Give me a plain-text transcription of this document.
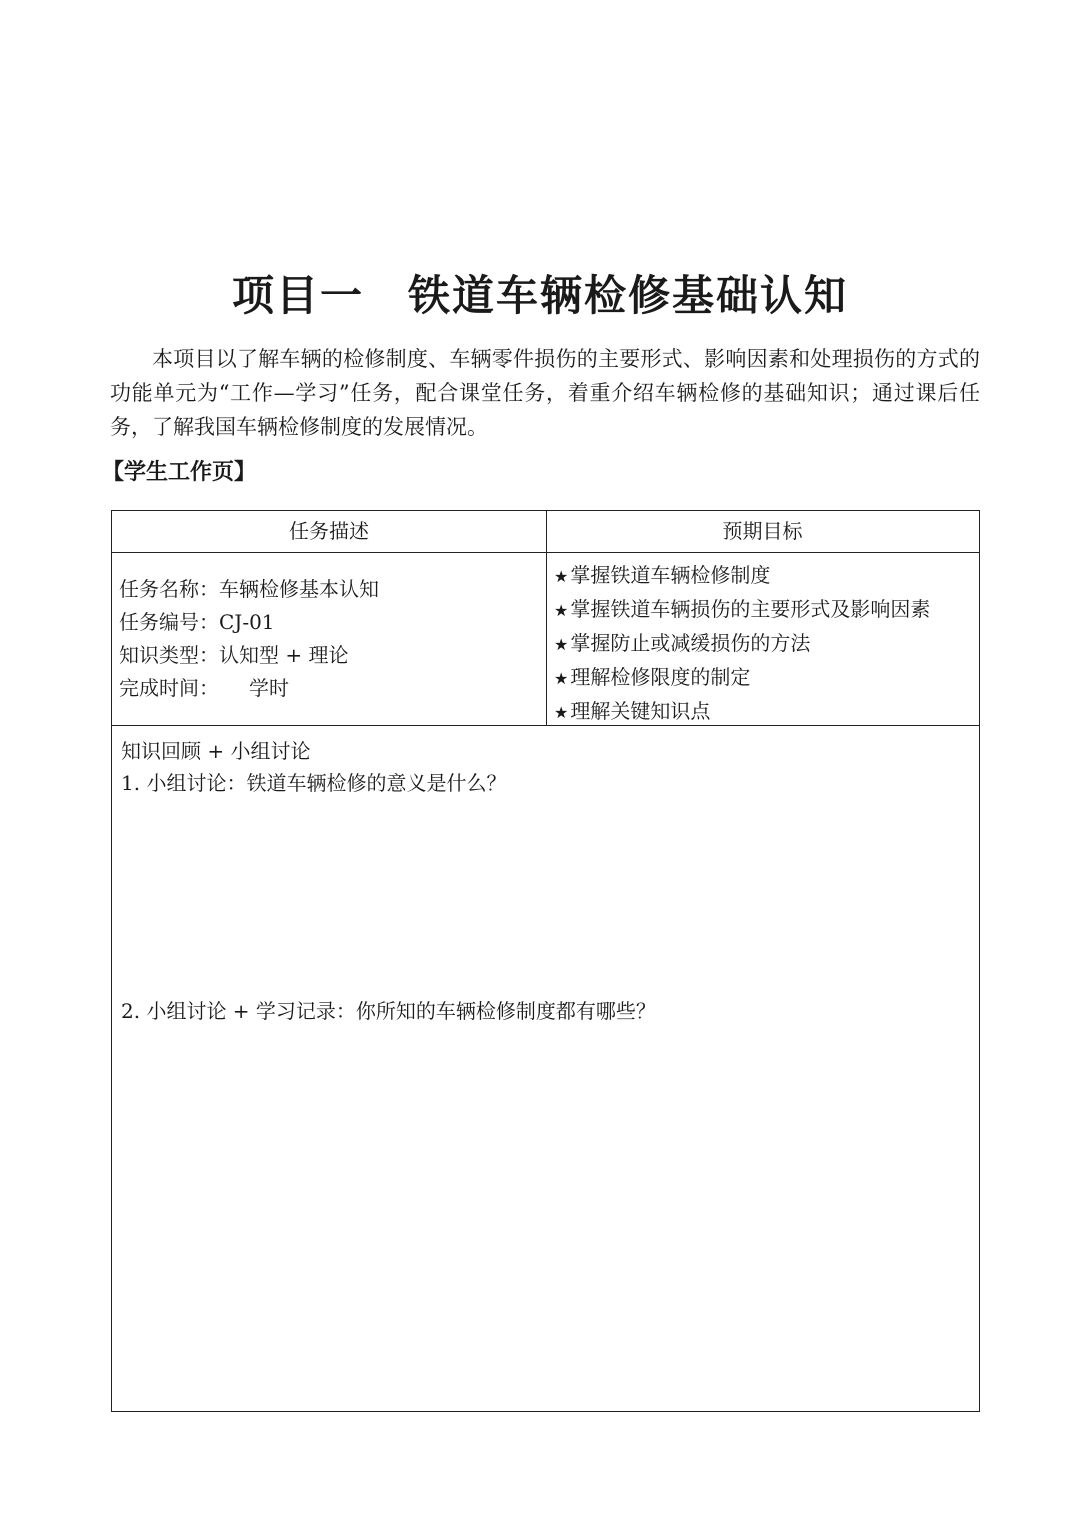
项目一　铁道车辆检修基础认知

本项目以了解车辆的检修制度、车辆零件损伤的主要形式、影响因素和处理损伤的方式的功能单元为“工作—学习”任务，配合课堂任务，着重介绍车辆检修的基础知识；通过课后任务，了解我国车辆检修制度的发展情况。

【学生工作页】
任务描述	预期目标
任务名称：车辆检修基本认知
任务编号：CJ-01
知识类型：认知型 + 理论
完成时间：　　学时
★ 掌握铁道车辆检修制度
★ 掌握铁道车辆损伤的主要形式及影响因素
★ 掌握防止或减缓损伤的方法
★ 理解检修限度的制定
★ 理解关键知识点
知识回顾 + 小组讨论
1. 小组讨论：铁道车辆检修的意义是什么？
2. 小组讨论 + 学习记录：你所知的车辆检修制度都有哪些？
